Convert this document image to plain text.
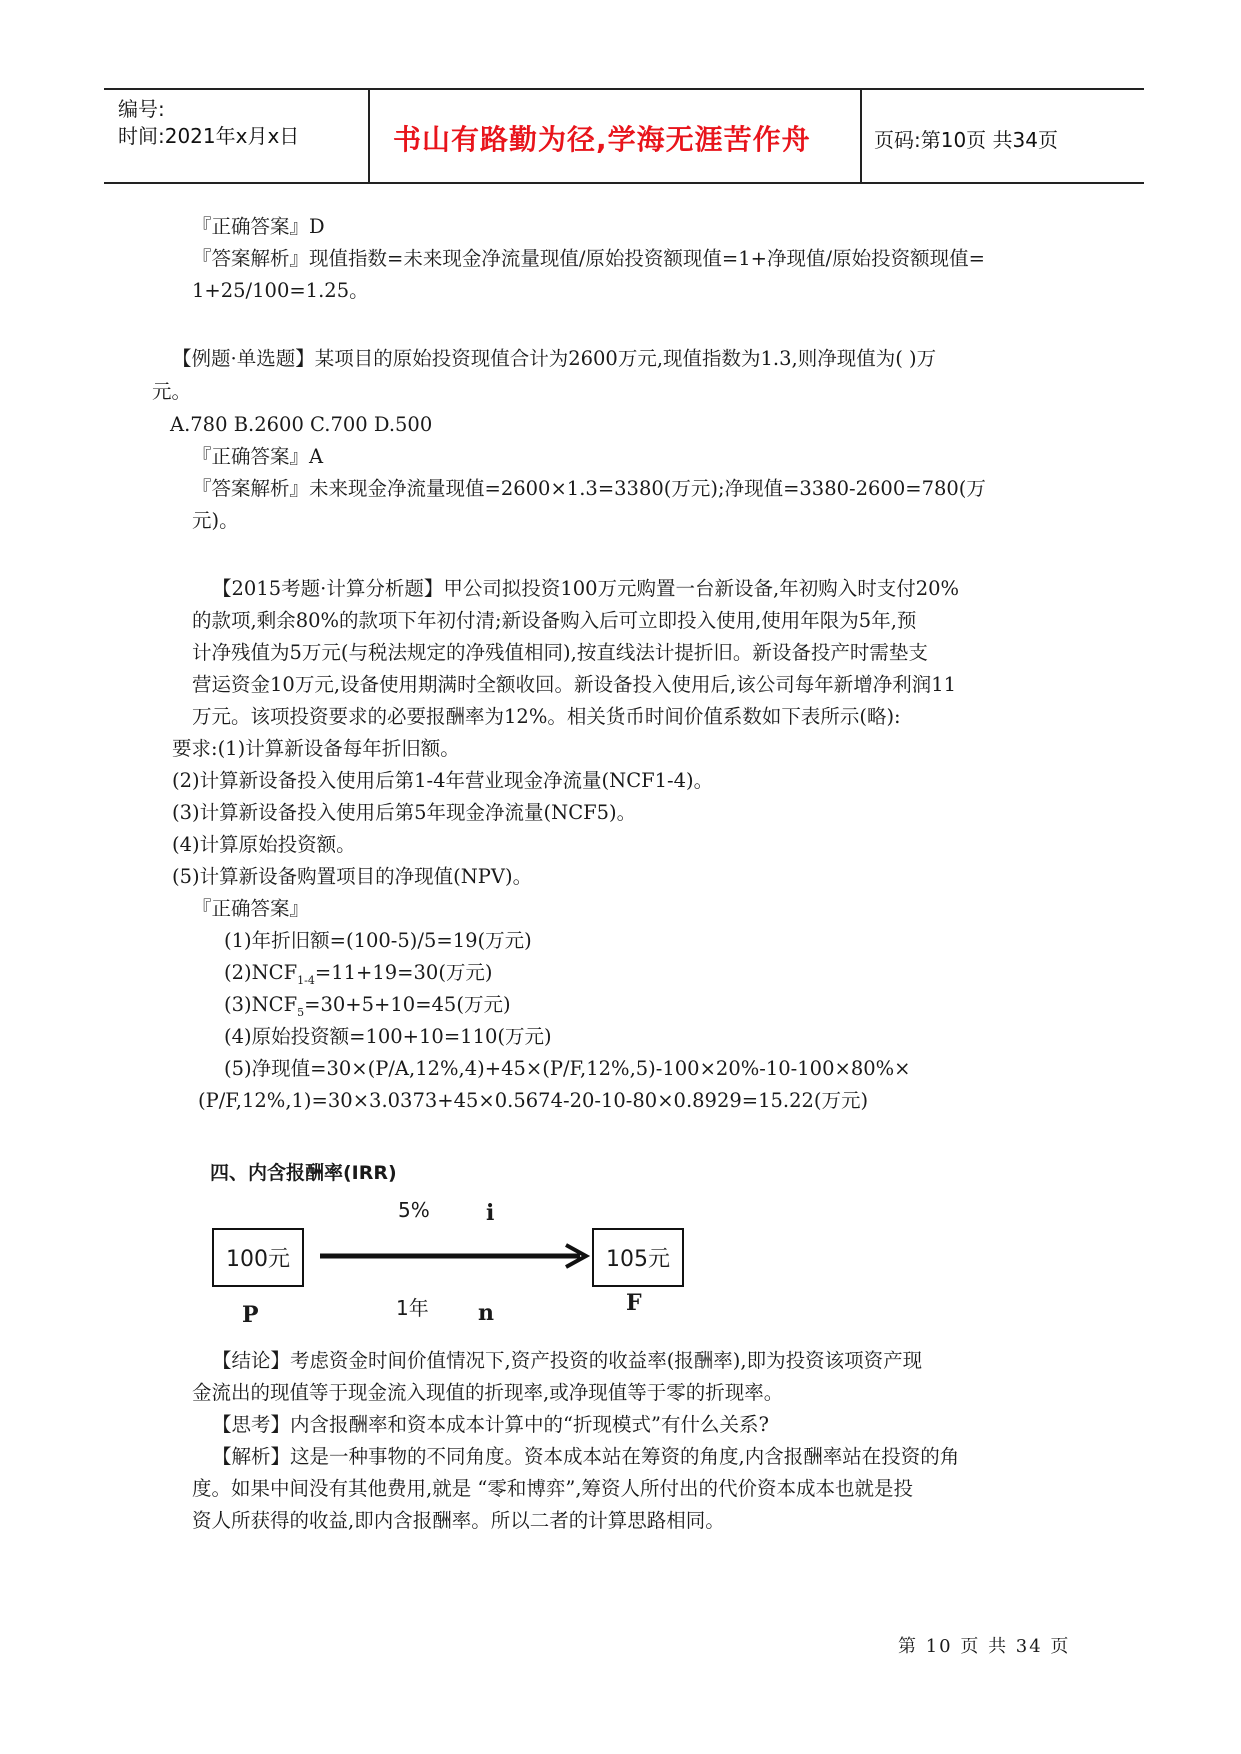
编号:
时间:2021年x月x日	书山有路勤为径,学海无涯苦作舟	页码:第10页 共34页
『正确答案』D
『答案解析』现值指数=未来现金净流量现值/原始投资额现值=1+净现值/原始投资额现值=
1+25/100=1.25。
【例题·单选题】某项目的原始投资现值合计为2600万元,现值指数为1.3,则净现值为( )万
元。
A.780 B.2600 C.700 D.500
『正确答案』A
『答案解析』未来现金净流量现值=2600×1.3=3380(万元);净现值=3380-2600=780(万
元)。
【2015考题·计算分析题】甲公司拟投资100万元购置一台新设备,年初购入时支付20%
的款项,剩余80%的款项下年初付清;新设备购入后可立即投入使用,使用年限为5年,预
计净残值为5万元(与税法规定的净残值相同),按直线法计提折旧。新设备投产时需垫支
营运资金10万元,设备使用期满时全额收回。新设备投入使用后,该公司每年新增净利润11
万元。该项投资要求的必要报酬率为12%。相关货币时间价值系数如下表所示(略):
要求:(1)计算新设备每年折旧额。
(2)计算新设备投入使用后第1-4年营业现金净流量(NCF1-4)。
(3)计算新设备投入使用后第5年现金净流量(NCF5)。
(4)计算原始投资额。
(5)计算新设备购置项目的净现值(NPV)。
『正确答案』
(1)年折旧额=(100-5)/5=19(万元)
$(2)NCF_{1-4}=11+19=30$(万元)
$(3)NCF_5=30+5+10=45$(万元)
(4)原始投资额=100+10=110(万元)
(5)净现值=30×(P/A,12%,4)+45×(P/F,12%,5)-100×20%-10-100×80%×
(P/F,12%,1)=30×3.0373+45×0.5674-20-10-80×0.8929=15.22(万元)
四、内含报酬率(IRR)
5%	i
100元	105元
1年 n
P	F
【结论】考虑资金时间价值情况下,资产投资的收益率(报酬率),即为投资该项资产现
金流出的现值等于现金流入现值的折现率,或净现值等于零的折现率。
【思考】内含报酬率和资本成本计算中的“折现模式”有什么关系?
【解析】这是一种事物的不同角度。资本成本站在筹资的角度,内含报酬率站在投资的角
度。如果中间没有其他费用,就是 “零和博弈”,筹资人所付出的代价资本成本也就是投
资人所获得的收益,即内含报酬率。所以二者的计算思路相同。
第 10 页 共 34 页
